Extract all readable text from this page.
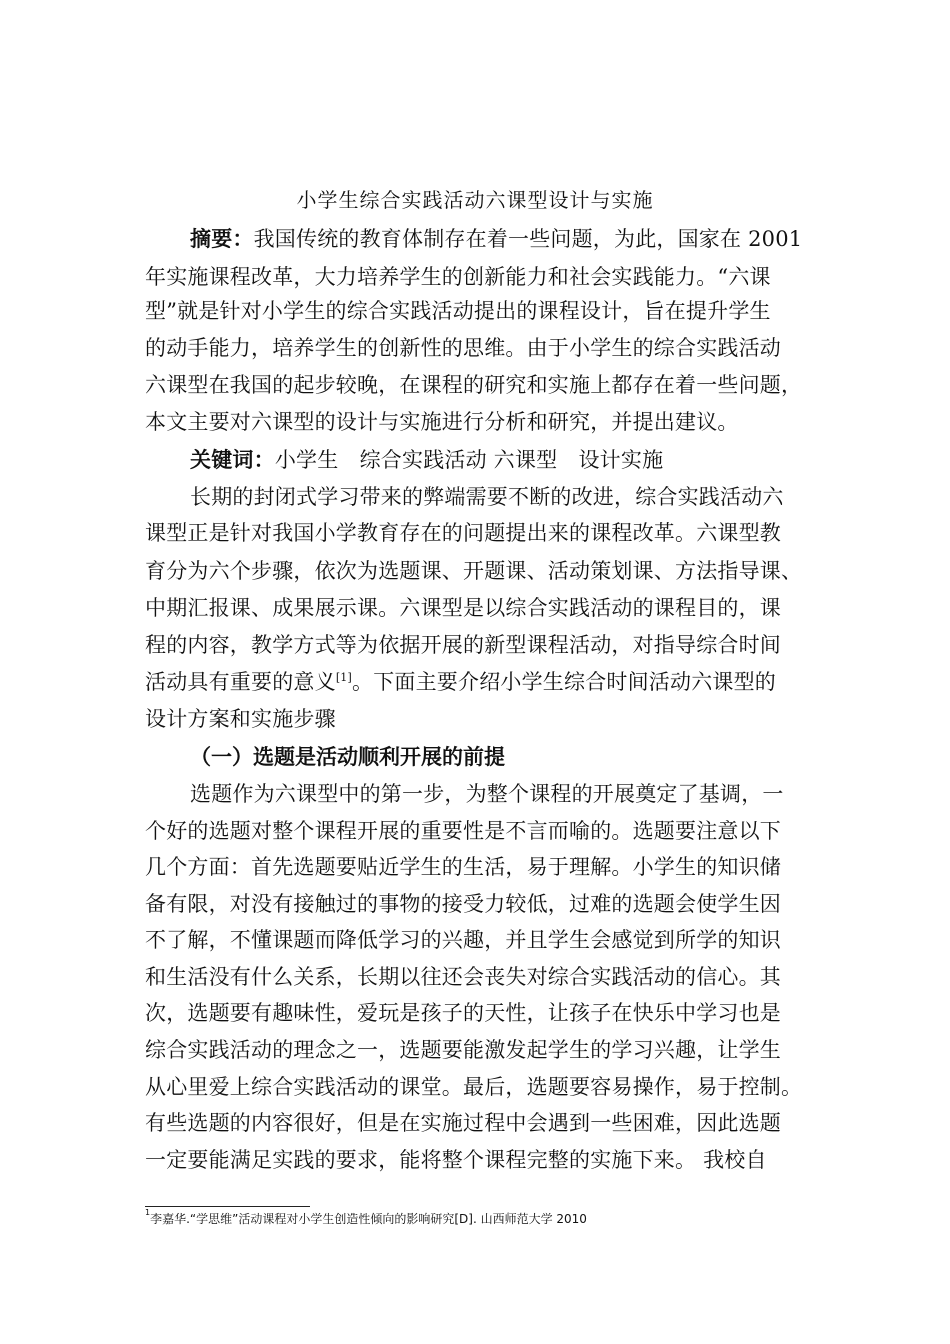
小学生综合实践活动六课型设计与实施
摘要：我国传统的教育体制存在着一些问题，为此，国家在 2001
年实施课程改革，大力培养学生的创新能力和社会实践能力。“六课
型”就是针对小学生的综合实践活动提出的课程设计，旨在提升学生
的动手能力，培养学生的创新性的思维。由于小学生的综合实践活动
六课型在我国的起步较晚，在课程的研究和实施上都存在着一些问题，
本文主要对六课型的设计与实施进行分析和研究，并提出建议。
关键词：小学生　综合实践活动 六课型　设计实施
长期的封闭式学习带来的弊端需要不断的改进，综合实践活动六
课型正是针对我国小学教育存在的问题提出来的课程改革。六课型教
育分为六个步骤，依次为选题课、开题课、活动策划课、方法指导课、
中期汇报课、成果展示课。六课型是以综合实践活动的课程目的，课
程的内容，教学方式等为依据开展的新型课程活动，对指导综合时间
活动具有重要的意义[1]。下面主要介绍小学生综合时间活动六课型的
设计方案和实施步骤
（一）选题是活动顺利开展的前提
选题作为六课型中的第一步，为整个课程的开展奠定了基调，一
个好的选题对整个课程开展的重要性是不言而喻的。选题要注意以下
几个方面：首先选题要贴近学生的生活，易于理解。小学生的知识储
备有限，对没有接触过的事物的接受力较低，过难的选题会使学生因
不了解，不懂课题而降低学习的兴趣，并且学生会感觉到所学的知识
和生活没有什么关系，长期以往还会丧失对综合实践活动的信心。其
次，选题要有趣味性，爱玩是孩子的天性，让孩子在快乐中学习也是
综合实践活动的理念之一，选题要能激发起学生的学习兴趣，让学生
从心里爱上综合实践活动的课堂。最后，选题要容易操作，易于控制。
有些选题的内容很好，但是在实施过程中会遇到一些困难，因此选题
一定要能满足实践的要求，能将整个课程完整的实施下来。 我校自
$^1$李嘉华.“学思维”活动课程对小学生创造性倾向的影响研究[D]. 山西师范大学 2010
